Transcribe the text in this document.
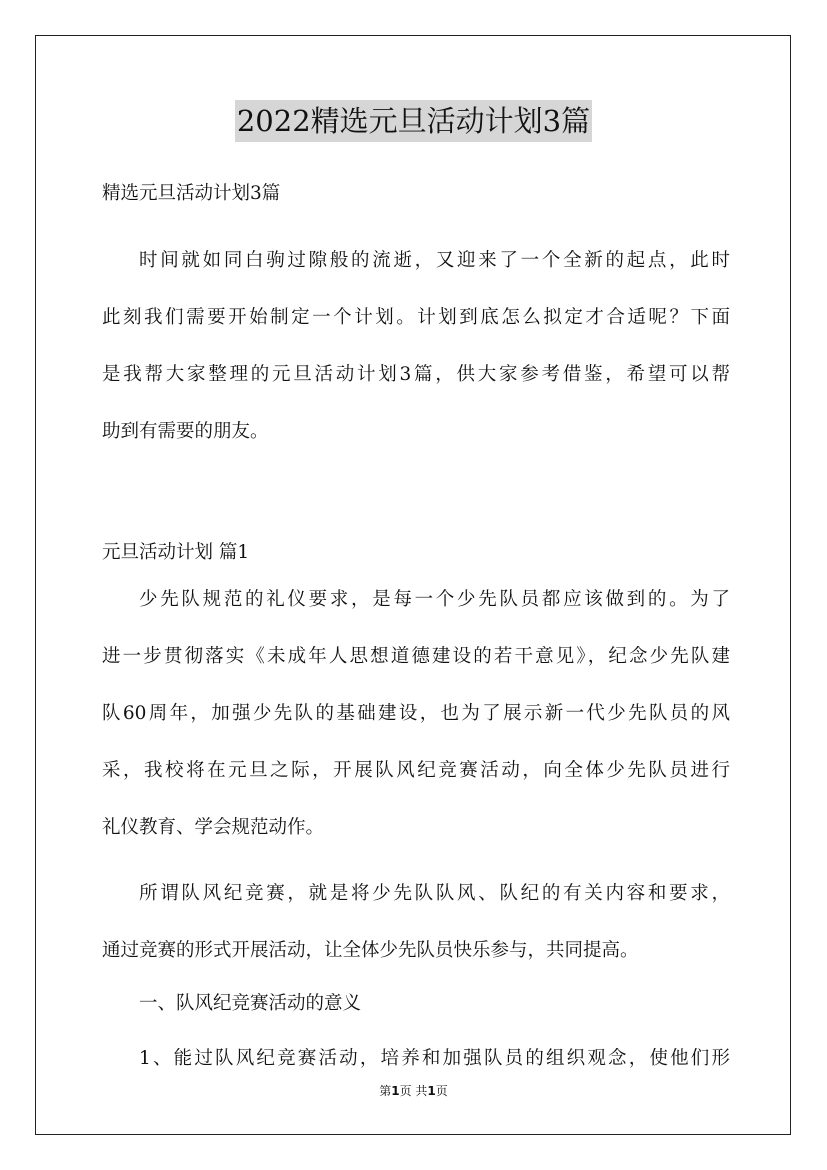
2022精选元旦活动计划3篇

精选元旦活动计划3篇

时间就如同白驹过隙般的流逝，又迎来了一个全新的起点，此时

此刻我们需要开始制定一个计划。计划到底怎么拟定才合适呢？下面

是我帮大家整理的元旦活动计划3篇，供大家参考借鉴，希望可以帮

助到有需要的朋友。

元旦活动计划 篇1

少先队规范的礼仪要求，是每一个少先队员都应该做到的。为了

进一步贯彻落实《未成年人思想道德建设的若干意见》，纪念少先队建

队60周年，加强少先队的基础建设，也为了展示新一代少先队员的风

采，我校将在元旦之际，开展队风纪竞赛活动，向全体少先队员进行

礼仪教育、学会规范动作。

所谓队风纪竞赛，就是将少先队队风、队纪的有关内容和要求，

通过竞赛的形式开展活动，让全体少先队员快乐参与，共同提高。

一、队风纪竞赛活动的意义

1、能过队风纪竞赛活动，培养和加强队员的组织观念，使他们形

第1页 共1页
